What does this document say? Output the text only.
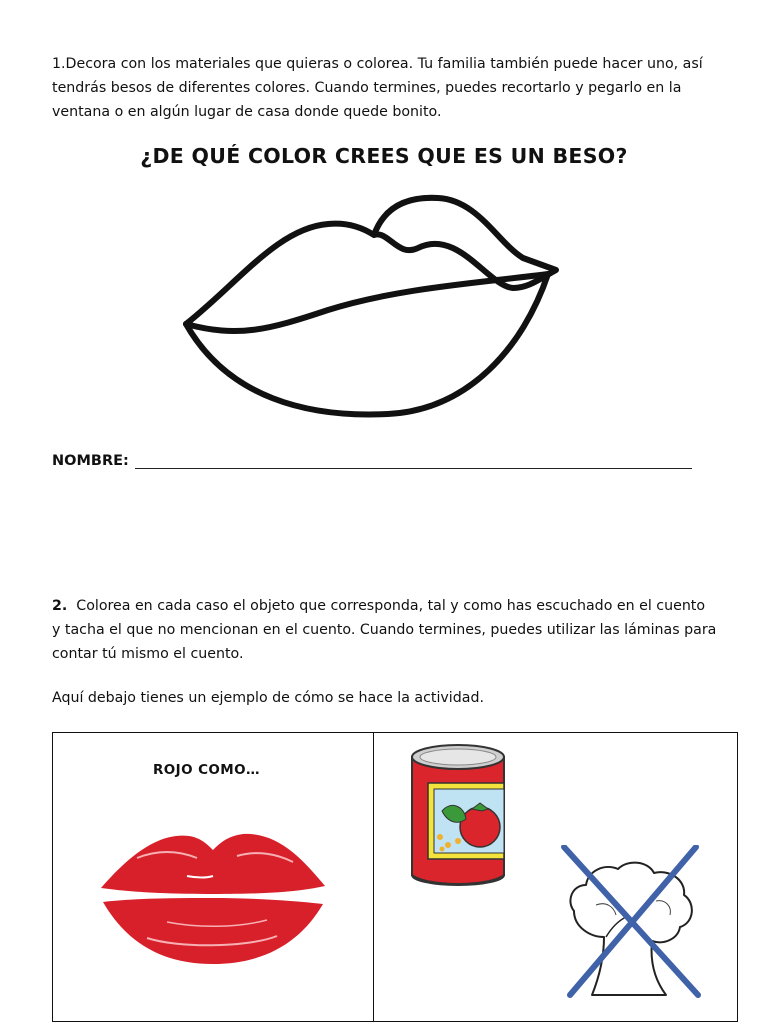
1.Decora con los materiales que quieras o colorea. Tu familia también puede hacer uno, así tendrás besos de diferentes colores. Cuando termines, puedes recortarlo y pegarlo en la ventana o en algún lugar de casa donde quede bonito.

¿DE QUÉ COLOR CREES QUE ES UN BESO?
NOMBRE:

2. Colorea en cada caso el objeto que corresponda, tal y como has escuchado en el cuento y tacha el que no mencionan en el cuento. Cuando termines, puedes utilizar las láminas para contar tú mismo el cuento.

Aquí debajo tienes un ejemplo de cómo se hace la actividad.

ROJO COMO…
